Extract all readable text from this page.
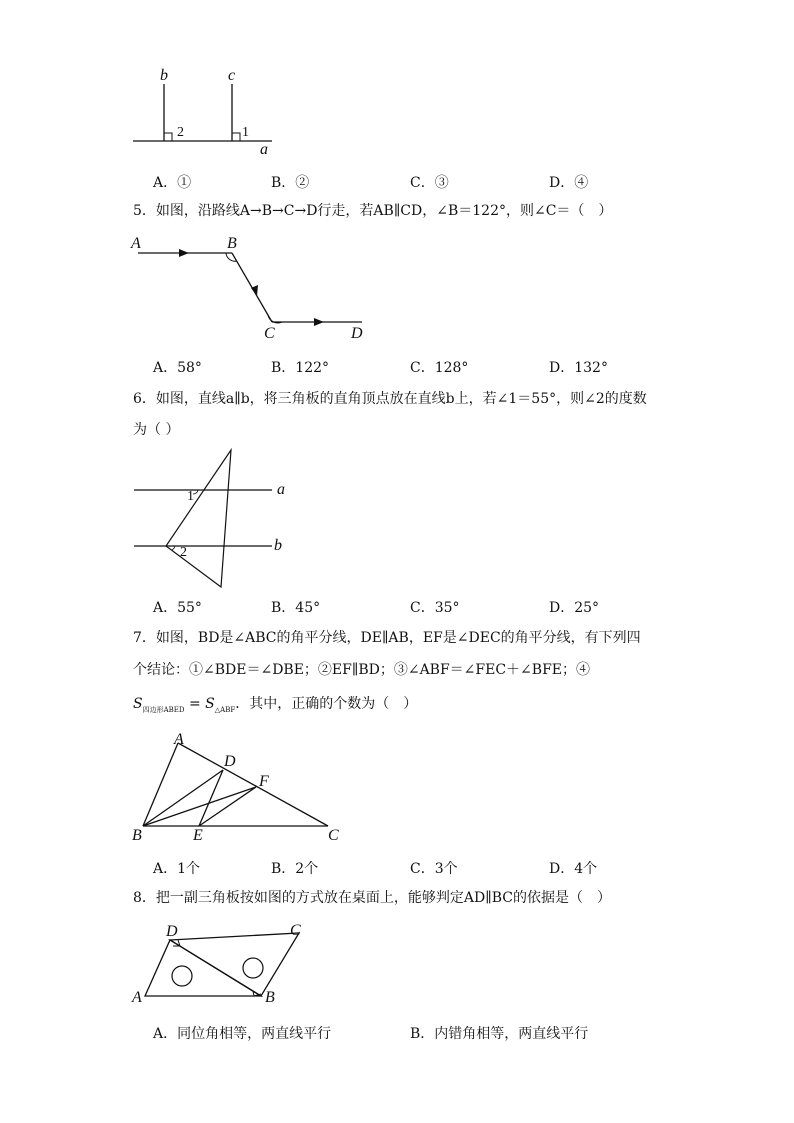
b	c
a
2	1
A．①	B．②	C．③	D．④
5．如图，沿路线A→B→C→D行走，若AB∥CD，∠B＝122°，则∠C＝（　）
A	B
C	D
A．58°	B．122°	C．128°	D．132°
6．如图，直线a∥b，将三角板的直角顶点放在直线b上，若∠1＝55°，则∠2的度数
为（ ）
a
b
1
2
A．55°	B．45°	C．35°	D．25°
7．如图，BD是∠ABC的角平分线，DE∥AB，EF是∠DEC的角平分线，有下列四
个结论：①∠BDE＝∠DBE；②EF∥BD；③∠ABF＝∠FEC＋∠BFE；④
$S_{四边形ABED} = S_{\triangle ABF}$．其中，正确的个数为（　）
A
D
F
B	E	C
A．1个	B．2个	C．3个	D．4个
8．把一副三角板按如图的方式放在桌面上，能够判定AD∥BC的依据是（　）
D	C
A	B
A．同位角相等，两直线平行	B．内错角相等，两直线平行
